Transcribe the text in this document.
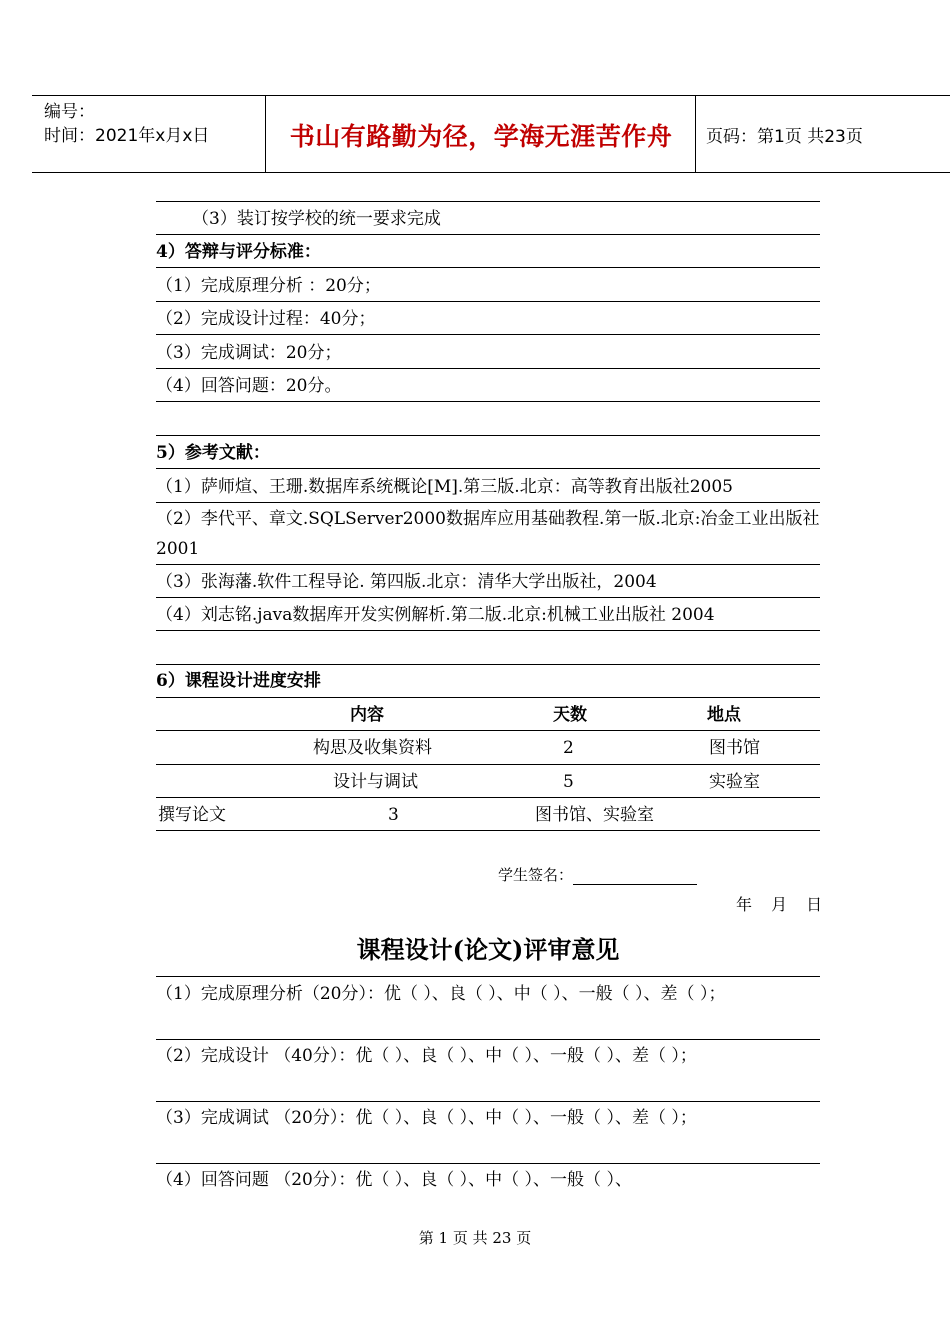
编号：
时间：2021年x月x日	书山有路勤为径，学海无涯苦作舟	页码：第1页 共23页
（3）装订按学校的统一要求完成
4）答辩与评分标准：
（1）完成原理分析 ：20分；
（2）完成设计过程：40分；
（3）完成调试：20分；
（4）回答问题：20分。
5）参考文献：
（1）萨师煊、王珊.数据库系统概论[M].第三版.北京：高等教育出版社2005
（2）李代平、章文.SQLServer2000数据库应用基础教程.第一版.北京:冶金工业出版社 2001
（3）张海藩.软件工程导论. 第四版.北京：清华大学出版社，2004
（4）刘志铭.java数据库开发实例解析.第二版.北京:机械工业出版社 2004
6）课程设计进度安排
内容	天数	地点
构思及收集资料	2	图书馆
设计与调试	5	实验室
撰写论文	3	图书馆、实验室
学生签名：
年 月 日
课程设计(论文)评审意见
（1）完成原理分析（20分）：优（ ）、良（ ）、中（ ）、一般（ ）、差（ ）；
（2）完成设计 （40分）：优（ ）、良（ ）、中（ ）、一般（ ）、差（ ）；
（3）完成调试 （20分）：优（ ）、良（ ）、中（ ）、一般（ ）、差（ ）；
（4）回答问题 （20分）：优（ ）、良（ ）、中（ ）、一般（ ）、
第 1 页 共 23 页
